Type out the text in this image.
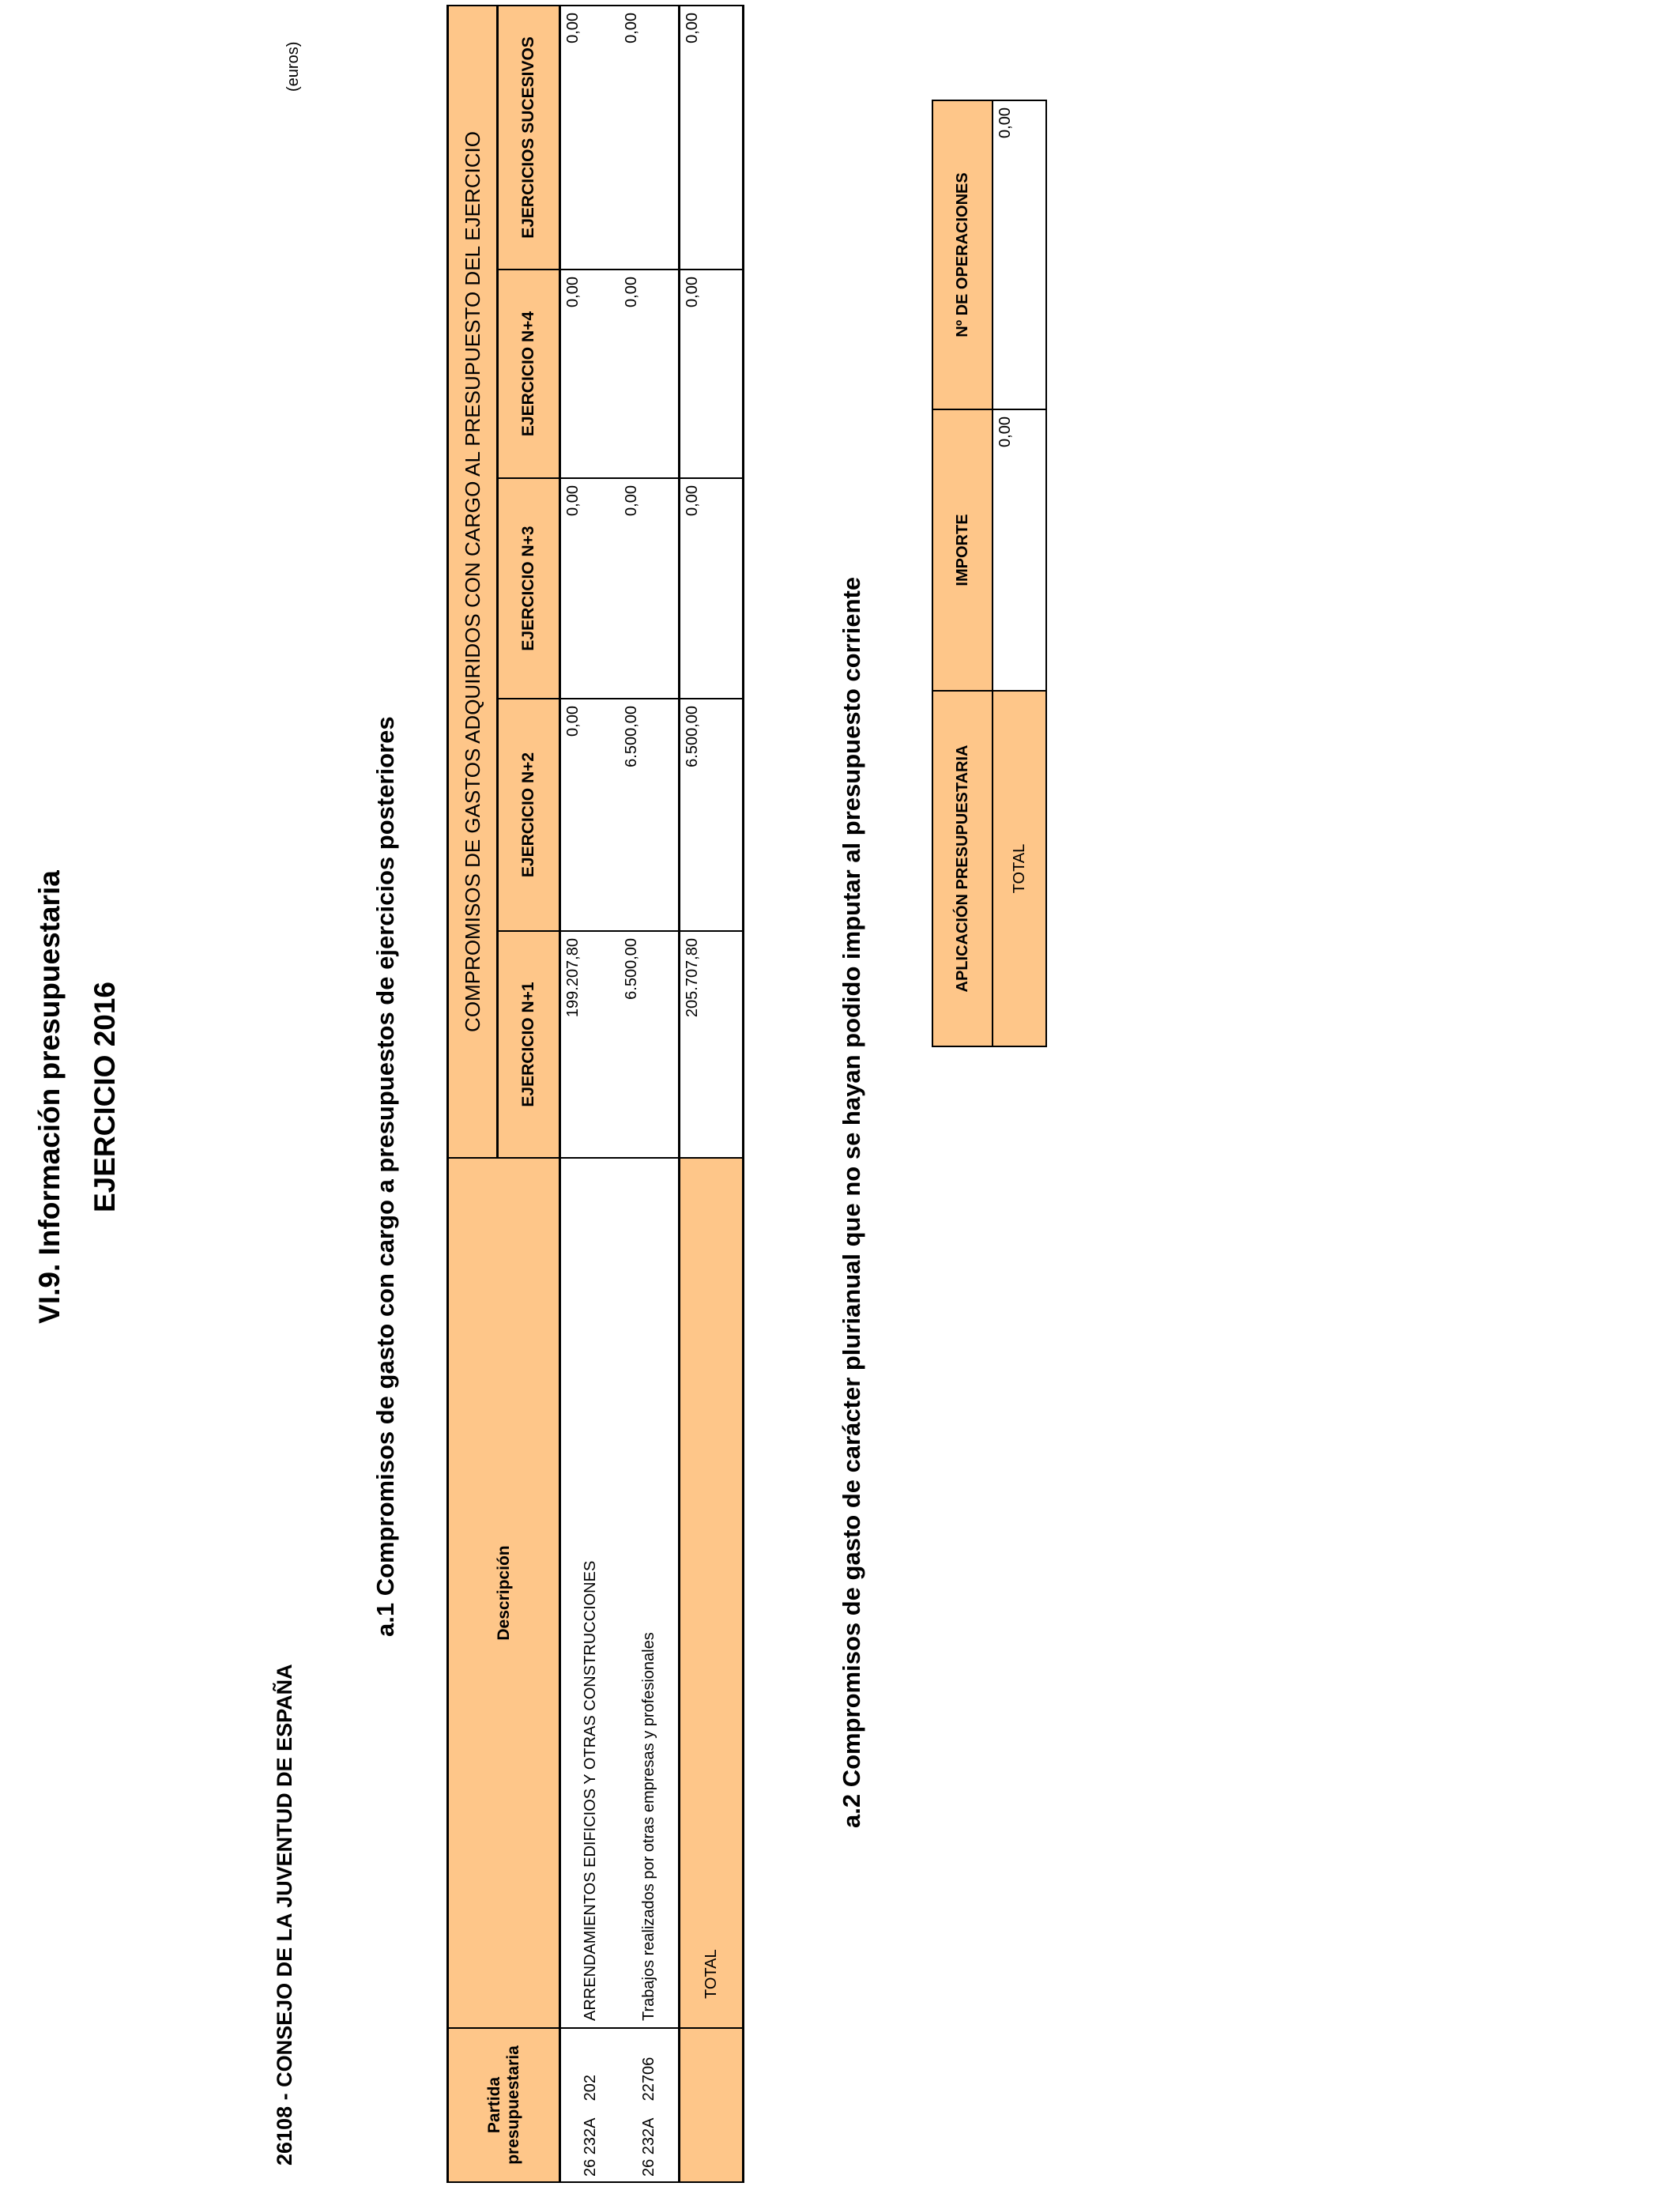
VI.9. Información presupuestaria EJERCICIO 2016
26108 - CONSEJO DE LA JUVENTUD DE ESPAÑA
(euros)
a.1 Compromisos de gasto con cargo a presupuestos de ejercicios posteriores
Partida presupuestaria	Descripción	COMPROMISOS DE GASTOS ADQUIRIDOS CON CARGO AL PRESUPUESTO DEL EJERCICIO				
		EJERCICIO N+1	EJERCICIO N+2	EJERCICIO N+3	EJERCICIO N+4	EJERCICIOS SUCESIVOS
26 232A    202	ARRENDAMIENTOS EDIFICIOS Y OTRAS CONSTRUCCIONES	199.207,80	0,00	0,00	0,00	0,00
26 232A    22706	Trabajos realizados por otras empresas y profesionales	6.500,00	6.500,00	0,00	0,00	0,00
	TOTAL	205.707,80	6.500,00	0,00	0,00	0,00
a.2 Compromisos de gasto de carácter plurianual que no se hayan podido imputar al presupuesto corriente	APLICACIÓN PRESUPUESTARIA	IMPORTE	Nº DE OPERACIONES
TOTAL	0,00	0,00
